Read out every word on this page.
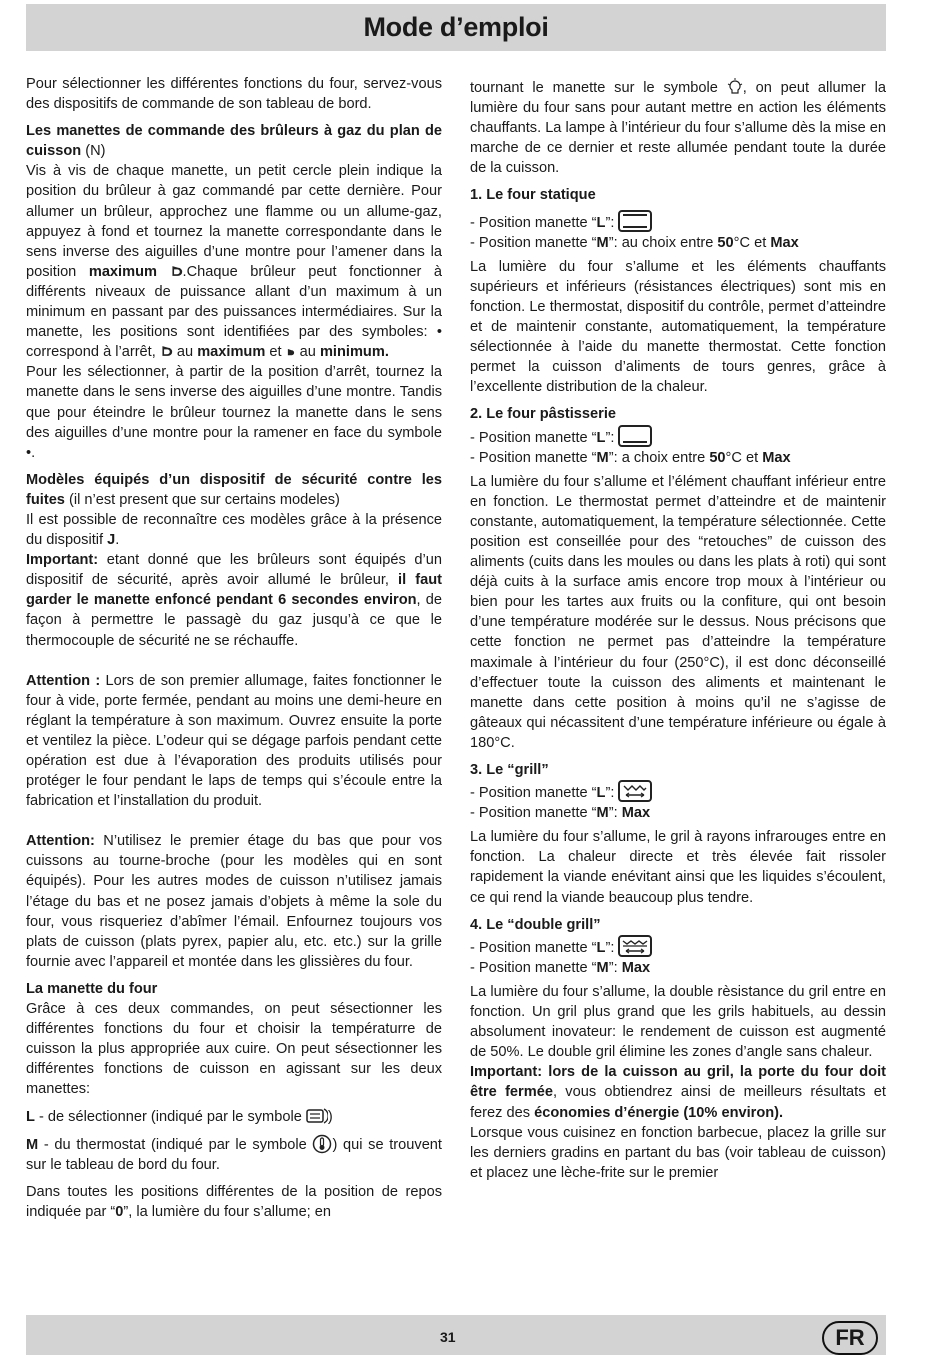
Mode d’emploi

Pour sélectionner les différentes fonctions du four, servez-vous des dispositifs de commande de son tableau de bord.

Les manettes de commande des brûleurs à gaz du plan de cuisson (N)
Vis à vis de chaque manette, un petit cercle plein indique la position du brûleur à gaz commandé par cette dernière. Pour allumer un brûleur, approchez une flamme ou un allume-gaz, appuyez à fond et tournez la manette correspondante dans le sens inverse des aiguilles d’une montre pour l’amener dans la position maximum .Chaque brûleur peut fonctionner à différents niveaux de puissance allant d’un maximum à un minimum en passant par des puissances intermédiaires. Sur la manette, les positions sont identifiées par des symboles: • correspond à l’arrêt,  au maximum et  au minimum.
Pour les sélectionner, à partir de la position d’arrêt, tournez la manette dans le sens inverse des aiguilles d’une montre. Tandis que pour éteindre le brûleur tournez la manette dans le sens des aiguilles d’une montre pour la ramener en face du symbole •.

Modèles équipés d’un dispositif de sécurité contre les fuites (il n’est present que sur certains modeles)
Il est possible de reconnaître ces modèles grâce à la présence du dispositif J.
Important: etant donné que les brûleurs sont équipés d’un dispositif de sécurité, après avoir allumé le brûleur, il faut garder le manette enfoncé pendant 6 secondes environ, de façon à permettre le passagè du gaz jusqu’à ce que le thermocouple de sécurité ne se réchauffe.

Attention : Lors de son premier allumage, faites fonctionner le four à vide, porte fermée, pendant au moins une demi-heure en réglant la température à son maximum. Ouvrez ensuite la porte et ventilez la pièce. L’odeur qui se dégage parfois pendant cette opération est due à l’évaporation des produits utilisés pour protéger le four pendant le laps de temps qui s’écoule entre la fabrication et l’installation du produit.

Attention: N’utilisez le premier étage du bas que pour vos cuissons au tourne-broche (pour les modèles qui en sont équipés). Pour les autres modes de cuisson n’utilisez jamais l’étage du bas et ne posez jamais d’objets à même la sole du four, vous risqueriez d’abîmer l’émail. Enfournez toujours vos plats de cuisson (plats pyrex, papier alu, etc. etc.) sur la grille fournie avec l’appareil et montée dans les glissières du four.

La manette du four
Grâce à ces deux commandes, on peut sésectionner les différentes fonctions du four et choisir la températurre de cuisson la plus appropriée aux cuire. On peut sésectionner les différentes fonctions de cuisson en agissant sur les deux manettes:

L - de sélectionner (indiqué par le symbole )

M - du thermostat (indiqué par le symbole ) qui se trouvent sur le tableau de bord du four.

Dans toutes les positions différentes de la position de repos indiquée par “0”, la lumière du four s’allume; en

tournant le manette sur le symbole , on peut allumer la lumière du four sans pour autant mettre en action les éléments chauffants. La lampe à l’intérieur du four s’allume dès la mise en marche de ce dernier et reste allumée pendant toute la durée de la cuisson.

1. Le four statique
- Position manette “L”:
- Position manette “M”: au choix entre 50°C et Max

La lumière du four s’allume et les éléments chauffants supérieurs et inférieurs (résistances électriques) sont mis en fonction. Le thermostat, dispositif du contrôle, permet d’atteindre et de maintenir constante, automatiquement, la température sélectionnée à l’aide du manette thermostat. Cette fonction permet la cuisson d’aliments de tours genres, grâce à l’excellente distribution de la chaleur.

2. Le four pâstisserie
- Position manette “L”:
- Position manette “M”: a choix entre 50°C et Max

La lumière du four s’allume et l’élément chauffant inférieur entre en fonction. Le thermostat permet d’atteindre et de maintenir constante, automatiquement, la température sélectionnée. Cette position est conseillée pour des “retouches” de cuisson des aliments (cuits dans les moules ou dans les plats à roti) qui sont déjà cuits à la surface amis encore trop moux à l’intérieur ou bien pour les tartes aux fruits ou la confiture, qui ont besoin d’une température modérée sur le dessus. Nous précisons que cette fonction ne permet pas d’atteindre la température maximale à l’intérieur du four (250°C), il est donc déconseillé d’effectuer toute la cuisson des aliments et maintenant le manette dans cette position à moins qu’il ne s’agisse de gâteaux qui nécassitent d’une température inférieure ou égale à 180°C.

3. Le “grill”
- Position manette “L”:
- Position manette “M”: Max

La lumière du four s’allume, le gril à rayons infrarouges entre en fonction. La chaleur directe et très élevée fait rissoler rapidement la viande enévitant ainsi que les liquides s’écoulent, ce qui rend la viande beaucoup plus tendre.

4. Le “double grill”
- Position manette “L”:
- Position manette “M”: Max

La lumière du four s’allume, la double rèsistance du gril entre en fonction. Un gril plus grand que les grils habituels, au dessin absolument inovateur: le rendement de cuisson est augmenté de 50%. Le double gril élimine les zones d’angle sans chaleur.
Important: lors de la cuisson au gril, la porte du four doit être fermée, vous obtiendrez ainsi de meilleurs résultats et ferez des économies d’énergie (10% environ).
Lorsque vous cuisinez en fonction barbecue, placez la grille sur les derniers gradins en partant du bas (voir tableau de cuisson) et placez une lèche-frite sur le premier

31	FR
